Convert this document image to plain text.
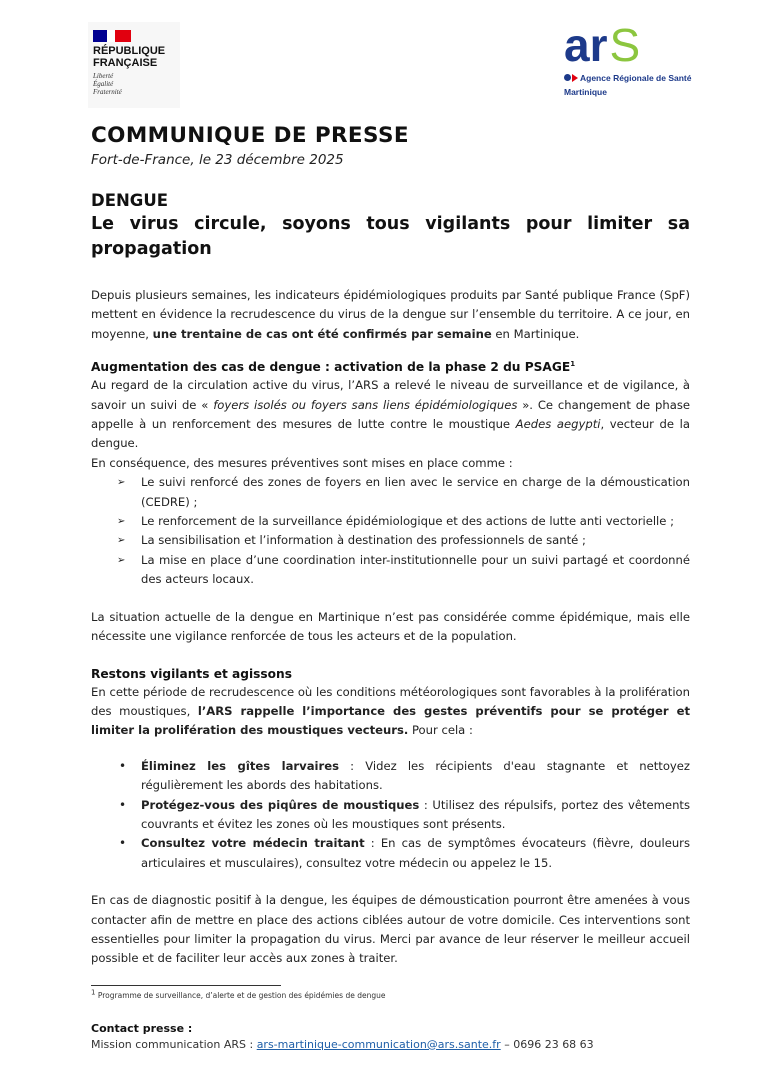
RÉPUBLIQUE
FRANÇAISE
Liberté
Égalité
Fraternité
ar S
Agence Régionale de Santé
Martinique
COMMUNIQUE DE PRESSE
Fort-de-France, le 23 décembre 2025
DENGUE
Le virus circule, soyons tous vigilants pour limiter sa propagation
Depuis plusieurs semaines, les indicateurs épidémiologiques produits par Santé publique France (SpF) mettent en évidence la recrudescence du virus de la dengue sur l’ensemble du territoire. A ce jour, en moyenne, une trentaine de cas ont été confirmés par semaine en Martinique.
Augmentation des cas de dengue : activation de la phase 2 du PSAGE$^1$
Au regard de la circulation active du virus, l’ARS a relevé le niveau de surveillance et de vigilance, à savoir un suivi de « foyers isolés ou foyers sans liens épidémiologiques ». Ce changement de phase appelle à un renforcement des mesures de lutte contre le moustique Aedes aegypti, vecteur de la dengue.
En conséquence, des mesures préventives sont mises en place comme :
➢ Le suivi renforcé des zones de foyers en lien avec le service en charge de la démoustication (CEDRE) ;
➢ Le renforcement de la surveillance épidémiologique et des actions de lutte anti vectorielle ;
➢ La sensibilisation et l’information à destination des professionnels de santé ;
➢ La mise en place d’une coordination inter-institutionnelle pour un suivi partagé et coordonné des acteurs locaux.
La situation actuelle de la dengue en Martinique n’est pas considérée comme épidémique, mais elle nécessite une vigilance renforcée de tous les acteurs et de la population.
Restons vigilants et agissons
En cette période de recrudescence où les conditions météorologiques sont favorables à la prolifération des moustiques, l’ARS rappelle l’importance des gestes préventifs pour se protéger et limiter la prolifération des moustiques vecteurs. Pour cela :
• Éliminez les gîtes larvaires : Videz les récipients d'eau stagnante et nettoyez régulièrement les abords des habitations.
• Protégez-vous des piqûres de moustiques : Utilisez des répulsifs, portez des vêtements couvrants et évitez les zones où les moustiques sont présents.
• Consultez votre médecin traitant : En cas de symptômes évocateurs (fièvre, douleurs articulaires et musculaires), consultez votre médecin ou appelez le 15.
En cas de diagnostic positif à la dengue, les équipes de démoustication pourront être amenées à vous contacter afin de mettre en place des actions ciblées autour de votre domicile. Ces interventions sont essentielles pour limiter la propagation du virus. Merci par avance de leur réserver le meilleur accueil possible et de faciliter leur accès aux zones à traiter.
$^1$ Programme de surveillance, d’alerte et de gestion des épidémies de dengue
Contact presse :
Mission communication ARS : ars-martinique-communication@ars.sante.fr – 0696 23 68 63
